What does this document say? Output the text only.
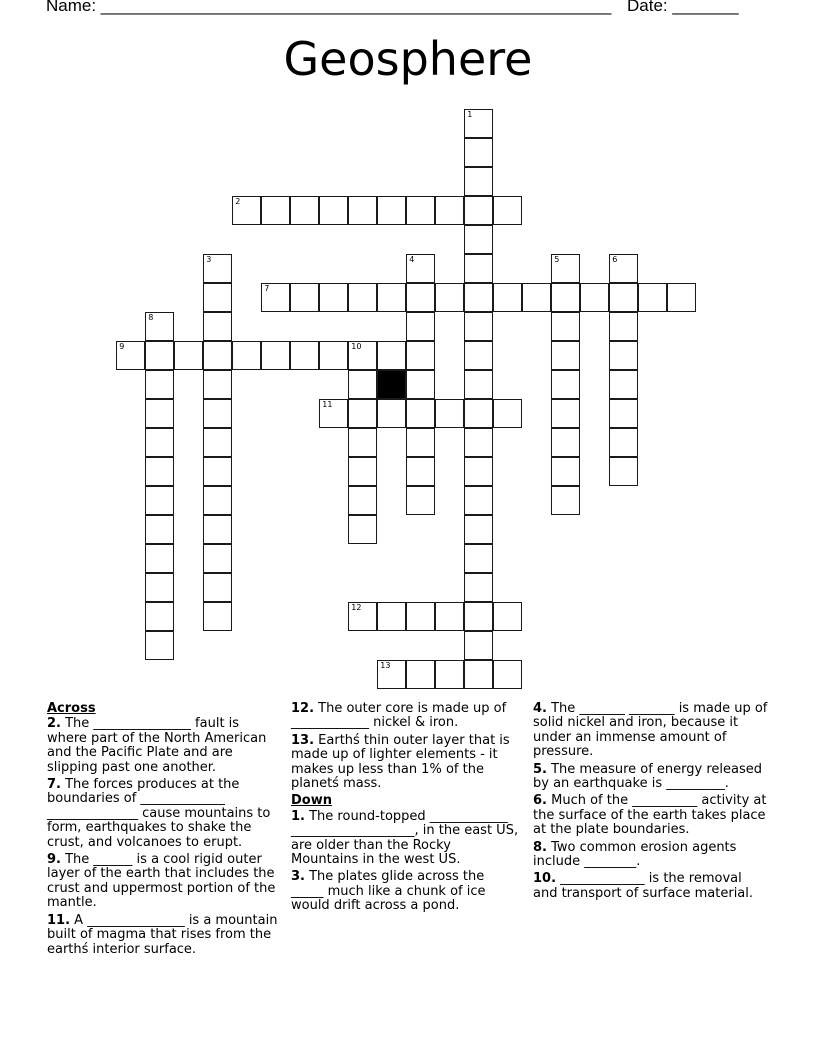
Name: ______________________________________________________ Date: _______
Geosphere
1
2
3	4	5	6
7
8
9	10
11
12
13
Across
2. The _______________ fault is where part of the North American and the Pacific Plate and are slipping past one another.
7. The forces produces at the boundaries of _____________ ______________ cause mountains to form, earthquakes to shake the crust, and volcanoes to erupt.
9. The ______ is a cool rigid outer layer of the earth that includes the crust and uppermost portion of the mantle.
11. A _______________ is a mountain built of magma that rises from the earthś interior surface.
12. The outer core is made up of ____________ nickel & iron.
13. Earthś thin outer layer that is made up of lighter elements - it makes up less than 1% of the planetś mass.
Down
1. The round-topped ____________ ___________________, in the east US, are older than the Rocky Mountains in the west US.
3. The plates glide across the _____ much like a chunk of ice would drift across a pond.
4. The _______ _______ is made up of solid nickel and iron, because it under an immense amount of pressure.
5. The measure of energy released by an earthquake is _________.
6. Much of the __________ activity at the surface of the earth takes place at the plate boundaries.
8. Two common erosion agents include ________.
10. _____________ is the removal and transport of surface material.
